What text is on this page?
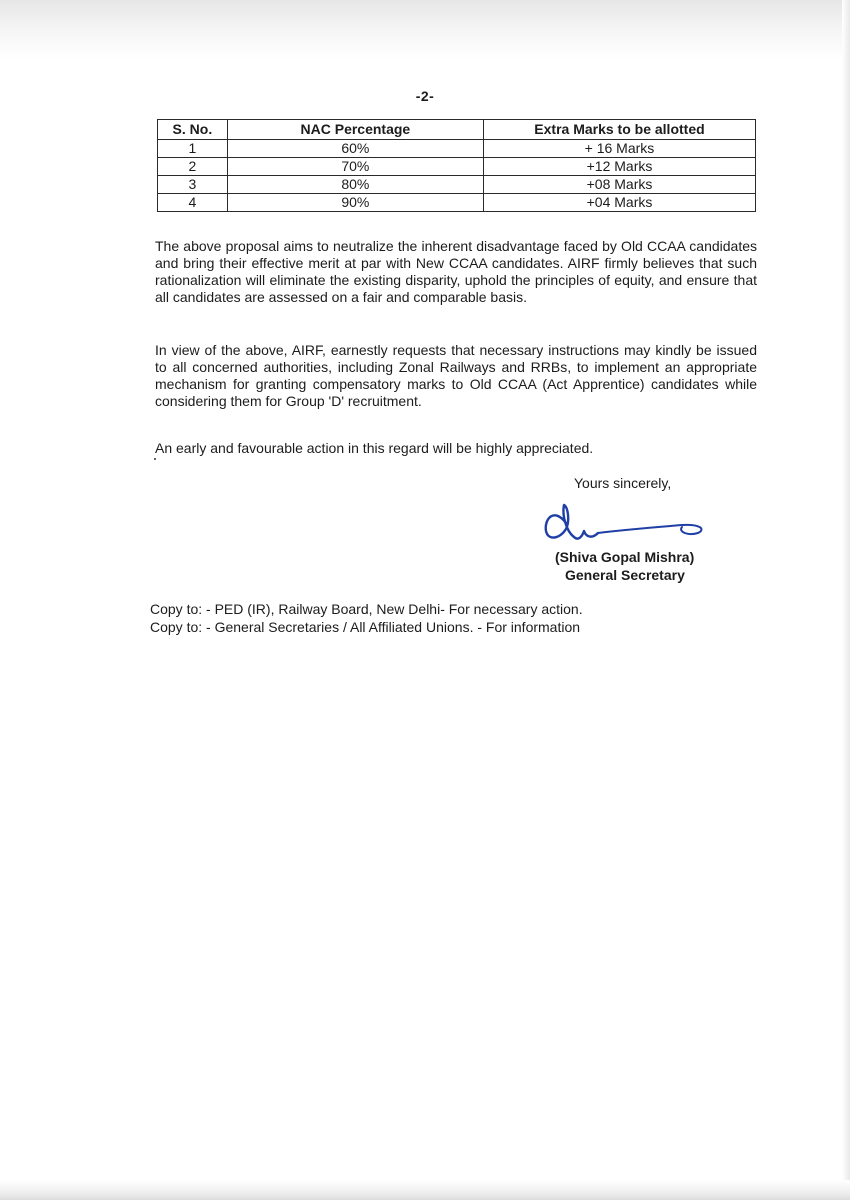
-2-
S. No.	NAC Percentage	Extra Marks to be allotted
1	60%	+ 16 Marks
2	70%	+12 Marks
3	80%	+08 Marks
4	90%	+04 Marks

The above proposal aims to neutralize the inherent disadvantage faced by Old CCAA candidates and bring their effective merit at par with New CCAA candidates. AIRF firmly believes that such rationalization will eliminate the existing disparity, uphold the principles of equity, and ensure that all candidates are assessed on a fair and comparable basis.

In view of the above, AIRF, earnestly requests that necessary instructions may kindly be issued to all concerned authorities, including Zonal Railways and RRBs, to implement an appropriate mechanism for granting compensatory marks to Old CCAA (Act Apprentice) candidates while considering them for Group 'D' recruitment.

An early and favourable action in this regard will be highly appreciated.

Yours sincerely,
(Shiva Gopal Mishra)
General Secretary
Copy to: - PED (IR), Railway Board, New Delhi- For necessary action.
Copy to: - General Secretaries / All Affiliated Unions. - For information
